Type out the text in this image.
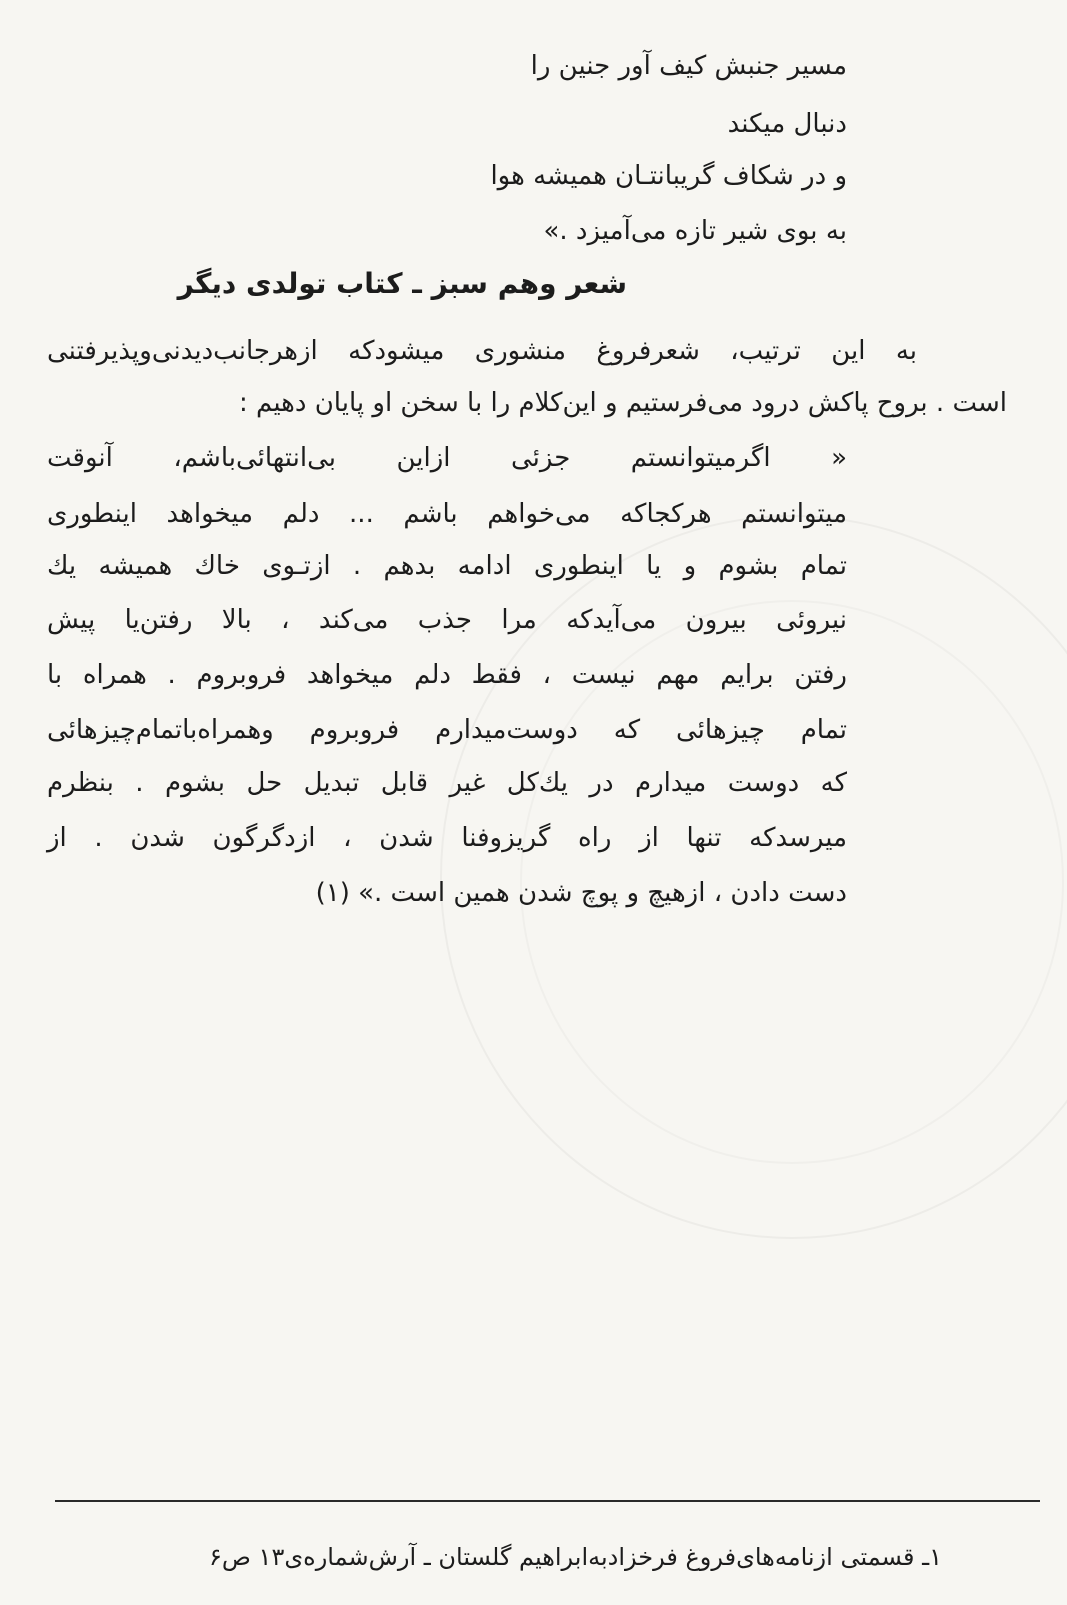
مسیر جنبش کیف آور جنین را
دنبال میکند
و در شکاف گریبانتـان همیشه هوا
به بوی شیر تازه می‌آمیزد .»
شعر وهم سبز ـ کتاب تولدی دیگر
به این ترتیب، شعرفروغ منشوری میشودکه ازهرجانب‌دیدنی‌وپذیرفتنی
است . بروح پاکش درود می‌فرستیم و این‌کلام را با سخن او پایان دهیم :
« اگرمیتوانستم جزئی ازاین بی‌انتهائی‌باشم، آنوقت
میتوانستم هرکجاکه می‌خواهم باشم ... دلم میخواهد اینطوری
تمام بشوم و یا اینطوری ادامه بدهم . ازتـوی خاك همیشه یك
نیروئی بیرون می‌آیدکه مرا جذب می‌کند ، بالا رفتن‌یا پیش
رفتن برایم مهم نیست ، فقط دلم میخواهد فرو‌بروم . همراه با
تمام چیزهائی که دوست‌میدارم فرو‌بروم وهمراه‌با‌تمام‌چیزهائی
که دوست میدارم در یك‌کل غیر قابل تبدیل حل بشوم . بنظرم
میرسدکه تنها از راه گریزوفنا شدن ، ازدگرگون شدن . از
دست دادن ، ازهیچ و پوچ شدن همین است .» (۱)
۱ـ قسمتی ازنامه‌های‌فروغ فرخزادبه‌ابراهیم گلستان ـ آرش‌شماره‌ی۱۳ ص۶
